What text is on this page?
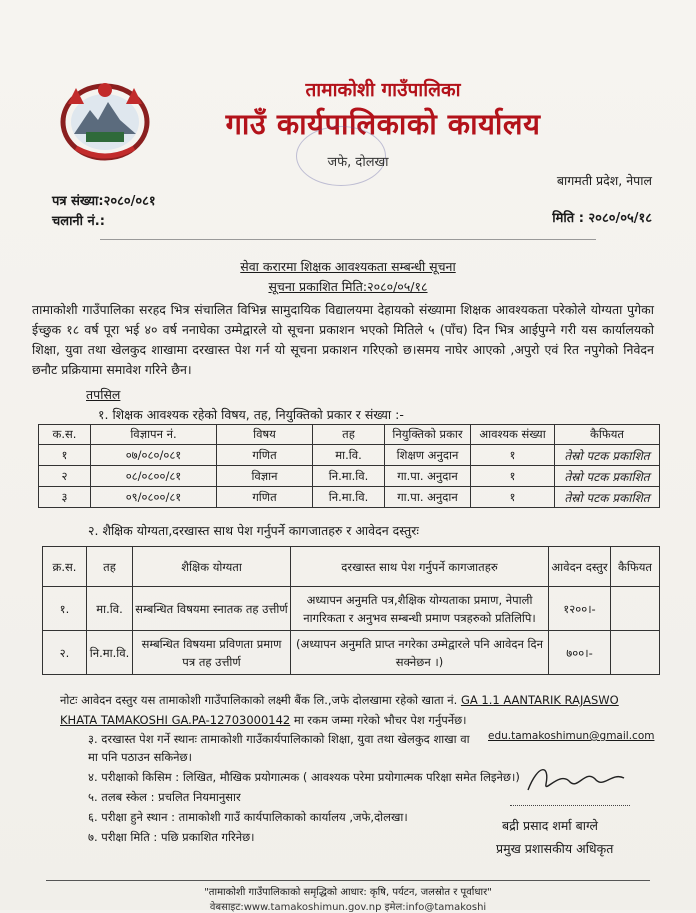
तामाकोशी गाउँपालिका
गाउँ कार्यपालिकाको कार्यालय
जफे, दोलखा
बागमती प्रदेश, नेपाल
पत्र संख्या:२०८०/०८१
चलानी नं.:	मिति : २०८०/०५/१८
सेवा करारमा शिक्षक आवश्यकता सम्बन्धी सूचना
सूचना प्रकाशित मिति:२०८०/०५/१८
तामाकोशी गाउँपालिका सरहद भित्र संचालित विभिन्न सामुदायिक विद्यालयमा देहायको संख्यामा शिक्षक आवश्यकता परेकोले योग्यता पुगेका ईच्छुक १८ वर्ष पूरा भई ४० वर्ष ननाघेका उम्मेद्वारले यो सूचना प्रकाशन भएको मितिले ५ (पाँच) दिन भित्र आईपुग्ने गरी यस कार्यालयको शिक्षा, युवा तथा खेलकुद शाखामा दरखास्त पेश गर्न यो सूचना प्रकाशन गरिएको छ।समय नाघेर आएको ,अपुरो एवं रित नपुगेको निवेदन छनौट प्रक्रियामा समावेश गरिने छैन।
तपसिल
१. शिक्षक आवश्यक रहेको विषय, तह, नियुक्तिको प्रकार र संख्या :-
क.स.	विज्ञापन नं.	विषय	तह	नियुक्तिको प्रकार	आवश्यक संख्या	कैफियत
१	०७/०८०/०८१	गणित	मा.वि.	शिक्षण अनुदान	१	तेस्रो पटक प्रकाशित
२	०८/०८००/८१	विज्ञान	नि.मा.वि.	गा.पा. अनुदान	१	तेस्रो पटक प्रकाशित
३	०९/०८००/८१	गणित	नि.मा.वि.	गा.पा. अनुदान	१	तेस्रो पटक प्रकाशित
२. शैक्षिक योग्यता,दरखास्त साथ पेश गर्नुपर्ने कागजातहरु र आवेदन दस्तुरः
क्र.स.	तह	शैक्षिक योग्यता	दरखास्त साथ पेश गर्नुपर्ने कागजातहरु	आवेदन दस्तुर	कैफियत
१.	मा.वि.	सम्बन्धित विषयमा स्नातक तह उत्तीर्ण	अध्यापन अनुमति पत्र,शैक्षिक योग्यताका प्रमाण, नेपाली नागरिकता र अनुभव सम्बन्धी प्रमाण पत्रहरुको प्रतिलिपि।	१२००।-	
२.	नि.मा.वि.	सम्बन्धित विषयमा प्रविणता प्रमाण पत्र तह उत्तीर्ण	(अध्यापन अनुमति प्राप्त नगरेका उम्मेद्वारले पनि आवेदन दिन सक्नेछन ।)	७००।-	
नोटः आवेदन दस्तुर यस तामाकोशी गाउँपालिकाको लक्ष्मी बैंक लि.,जफे दोलखामा रहेको खाता नं. GA 1.1 AANTARIK RAJASWO KHATA TAMAKOSHI GA.PA-12703000142 मा रकम जम्मा गरेको भौचर पेश गर्नुपर्नेछ।
३. दरखास्त पेश गर्ने स्थानः तामाकोशी गाउँकार्यपालिकाको शिक्षा, युवा तथा खेलकुद शाखा वा edu.tamakoshimun@gmail.com
मा पनि पठाउन सकिनेछ।
४. परीक्षाको किसिम : लिखित, मौखिक प्रयोगात्मक ( आवश्यक परेमा प्रयोगात्मक परिक्षा समेत लिइनेछ।)
५. तलब स्केल : प्रचलित नियमानुसार
६. परीक्षा हुने स्थान : तामाकोशी गाउँ कार्यपालिकाको कार्यालय ,जफे,दोलखा।
७. परीक्षा मिति : पछि प्रकाशित गरिनेछ।
बद्री प्रसाद शर्मा बाग्ले
प्रमुख प्रशासकीय अधिकृत
"तामाकोशी गाउँपालिकाको समृद्धिको आधार: कृषि, पर्यटन, जलस्रोत र पूर्वाधार"
वेबसाइट:www.tamakoshimun.gov.np इमेल:info@tamakoshi
